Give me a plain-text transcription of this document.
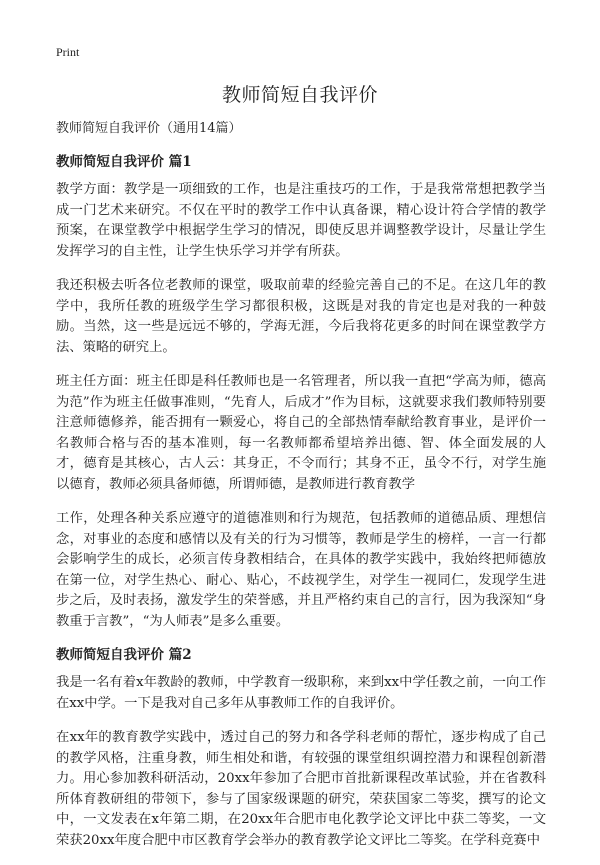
Print
教师简短自我评价
教师简短自我评价（通用14篇）
教师简短自我评价 篇1

教学方面：教学是一项细致的工作，也是注重技巧的工作，于是我常常想把教学当成一门艺术来研究。不仅在平时的教学工作中认真备课，精心设计符合学情的教学预案，在课堂教学中根据学生学习的情况，即使反思并调整教学设计，尽量让学生发挥学习的自主性，让学生快乐学习并学有所获。

我还积极去听各位老教师的课堂，吸取前辈的经验完善自己的不足。在这几年的教学中，我所任教的班级学生学习都很积极，这既是对我的肯定也是对我的一种鼓励。当然，这一些是远远不够的，学海无涯，今后我将花更多的时间在课堂教学方法、策略的研究上。

班主任方面：班主任即是科任教师也是一名管理者，所以我一直把“学高为师，德高为范”作为班主任做事准则，“先育人，后成才”作为目标，这就要求我们教师特别要注意师德修养，能否拥有一颗爱心，将自己的全部热情奉献给教育事业，是评价一名教师合格与否的基本准则，每一名教师都希望培养出德、智、体全面发展的人才，德育是其核心，古人云：其身正，不令而行；其身不正，虽令不行，对学生施以德育，教师必须具备师德，所谓师德，是教师进行教育教学

工作，处理各种关系应遵守的道德准则和行为规范，包括教师的道德品质、理想信念，对事业的态度和感情以及有关的行为习惯等，教师是学生的榜样，一言一行都会影响学生的成长，必须言传身教相结合，在具体的教学实践中，我始终把师德放在第一位，对学生热心、耐心、贴心，不歧视学生，对学生一视同仁，发现学生进步之后，及时表扬，激发学生的荣誉感，并且严格约束自己的言行，因为我深知“身教重于言教”，“为人师表”是多么重要。

教师简短自我评价 篇2

我是一名有着x年教龄的教师，中学教育一级职称，来到xx中学任教之前，一向工作在xx中学。一下是我对自己多年从事教师工作的自我评价。

在xx年的教育教学实践中，透过自己的努力和各学科老师的帮忙，逐步构成了自己的教学风格，注重身教，师生相处和谐，有较强的课堂组织调控潜力和课程创新潜力。用心参加教科研活动，20xx年参加了合肥市首批新课程改革试验，并在省教科所体育教研组的带领下，参与了国家级课题的研究，荣获国家二等奖，撰写的论文中，一文发表在x年第二期，在20xx年合肥市电化教学论文评比中获二等奖，一文荣获20xx年度合肥中市区教育学会举办的教育教学论文评比二等奖。在学科竞赛中
